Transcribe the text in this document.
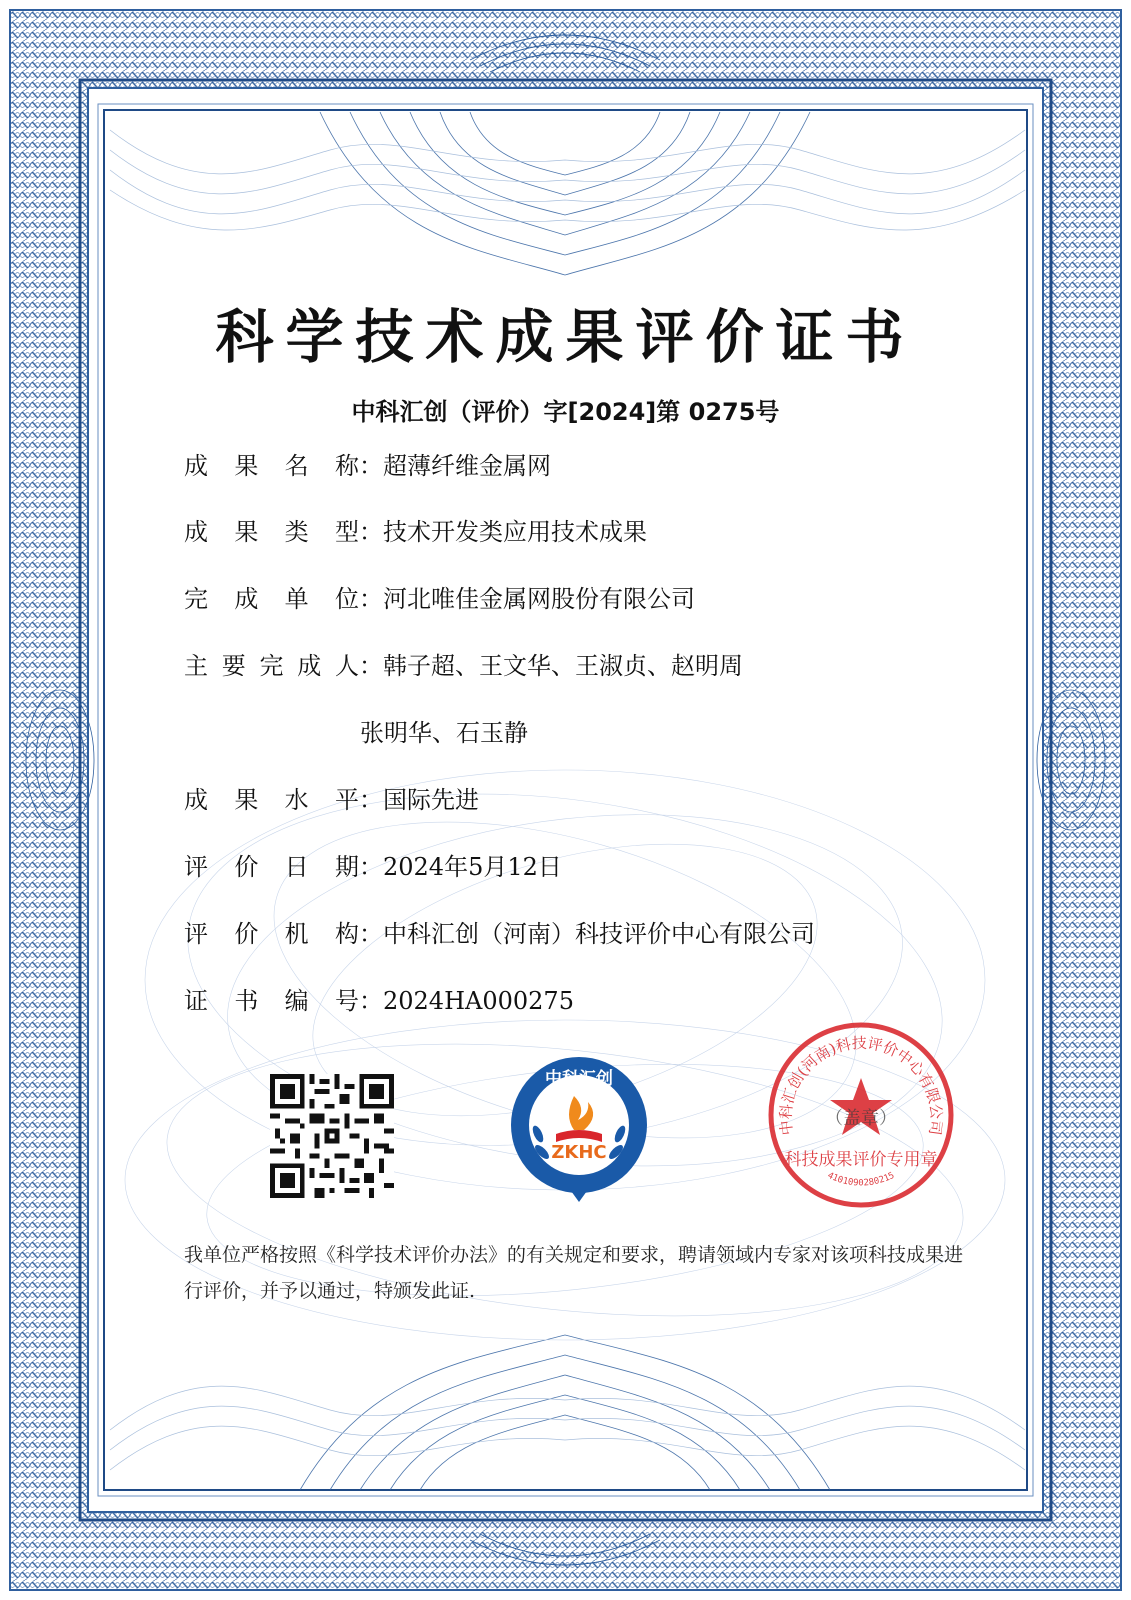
科学技术成果评价证书
中科汇创（评价）字[2024]第 0275号
成果名称：超薄纤维金属网
成果类型：技术开发类应用技术成果
完成单位：河北唯佳金属网股份有限公司
主要完成人：韩子超、王文华、王淑贞、赵明周
张明华、石玉静
成果水平：国际先进
评价日期：2024年5月12日
评价机构：中科汇创（河南）科技评价中心有限公司
证书编号：2024HA000275
中科汇创
ZKHC
中科汇创(河南)科技评价中心有限公司
（盖章）
科技成果评价专用章
4101090280215
我单位严格按照《科学技术评价办法》的有关规定和要求，聘请领域内专家对该项科技成果进行评价，并予以通过，特颁发此证.
